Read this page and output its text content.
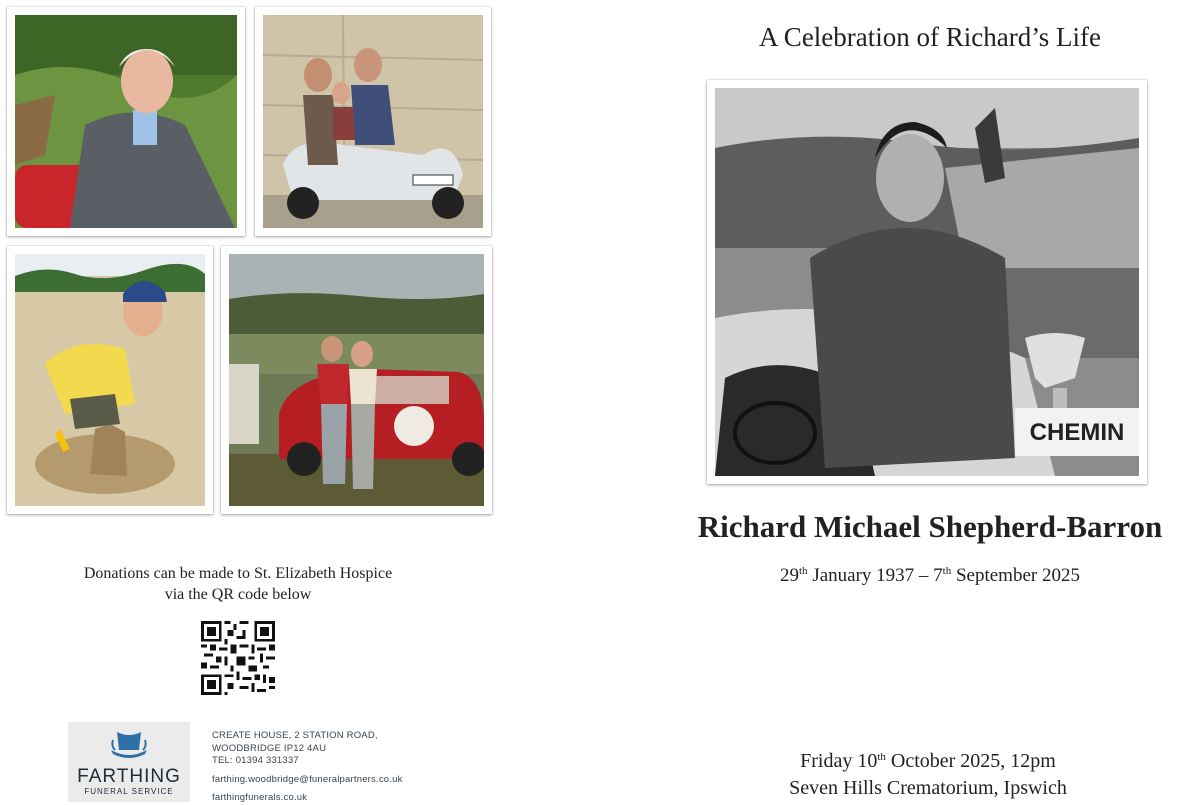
Donations can be made to St. Elizabeth Hospice
via the QR code below
FARTHING
FUNERAL SERVICE
CREATE HOUSE, 2 STATION ROAD,
WOODBRIDGE IP12 4AU
TEL: 01394 331337
farthing.woodbridge@funeralpartners.co.uk
farthingfunerals.co.uk
A Celebration of Richard’s Life
CHEMIN
Richard Michael Shepherd-Barron
29th January 1937 – 7th September 2025
Friday 10th October 2025, 12pm
Seven Hills Crematorium, Ipswich
